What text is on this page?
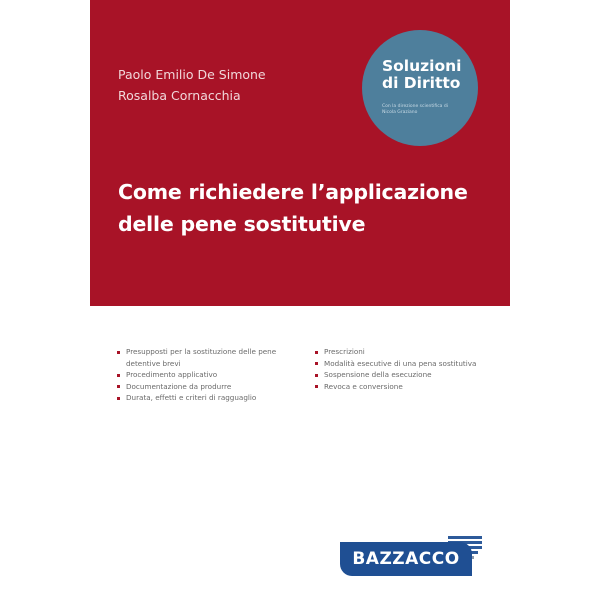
Paolo Emilio De Simone
Rosalba Cornacchia
Soluzioni
di Diritto
Con la direzione scientifica di Nicola Graziano
Come richiedere l’applicazione
delle pene sostitutive
Presupposti per la sostituzione delle pene detentive brevi
Procedimento applicativo
Documentazione da produrre
Durata, effetti e criteri di ragguaglio
Prescrizioni
Modalità esecutive di una pena sostitutiva
Sospensione della esecuzione
Revoca e conversione
BAZZACCO
